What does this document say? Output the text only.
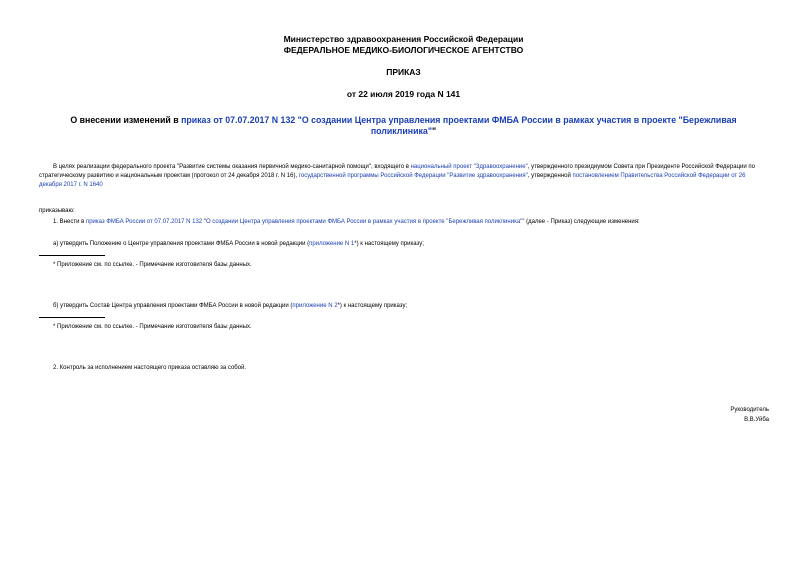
Министерство здравоохранения Российской Федерации

ФЕДЕРАЛЬНОЕ МЕДИКО-БИОЛОГИЧЕСКОЕ АГЕНТСТВО

ПРИКАЗ

от 22 июля 2019 года N 141

О внесении изменений в приказ от 07.07.2017 N 132 "О создании Центра управления проектами ФМБА России в рамках участия в проекте "Бережливая поликлиника""

В целях реализации федерального проекта "Развитие системы оказания первичной медико-санитарной помощи", входящего в национальный проект "Здравоохранение", утвержденного президиумом Совета при Президенте Российской Федерации по стратегическому развитию и национальным проектам (протокол от 24 декабря 2018 г. N 16), государственной программы Российской Федерации "Развитие здравоохранения", утвержденной постановлением Правительства Российской Федерации от 26 декабря 2017 г. N 1640

приказываю:

1. Внести в приказ ФМБА России от 07.07.2017 N 132 "О создании Центра управления проектами ФМБА России в рамках участия в проекте "Бережливая поликлиника"" (далее - Приказ) следующие изменения:

а) утвердить Положение о Центре управления проектами ФМБА России в новой редакции (приложение N 1*) к настоящему приказу;

* Приложение см. по ссылке. - Примечание изготовителя базы данных.

б) утвердить Состав Центра управления проектами ФМБА России в новой редакции (приложение N 2*) к настоящему приказу;

* Приложение см. по ссылке. - Примечание изготовителя базы данных.

2. Контроль за исполнением настоящего приказа оставляю за собой.

Руководитель

В.В.Уйба
